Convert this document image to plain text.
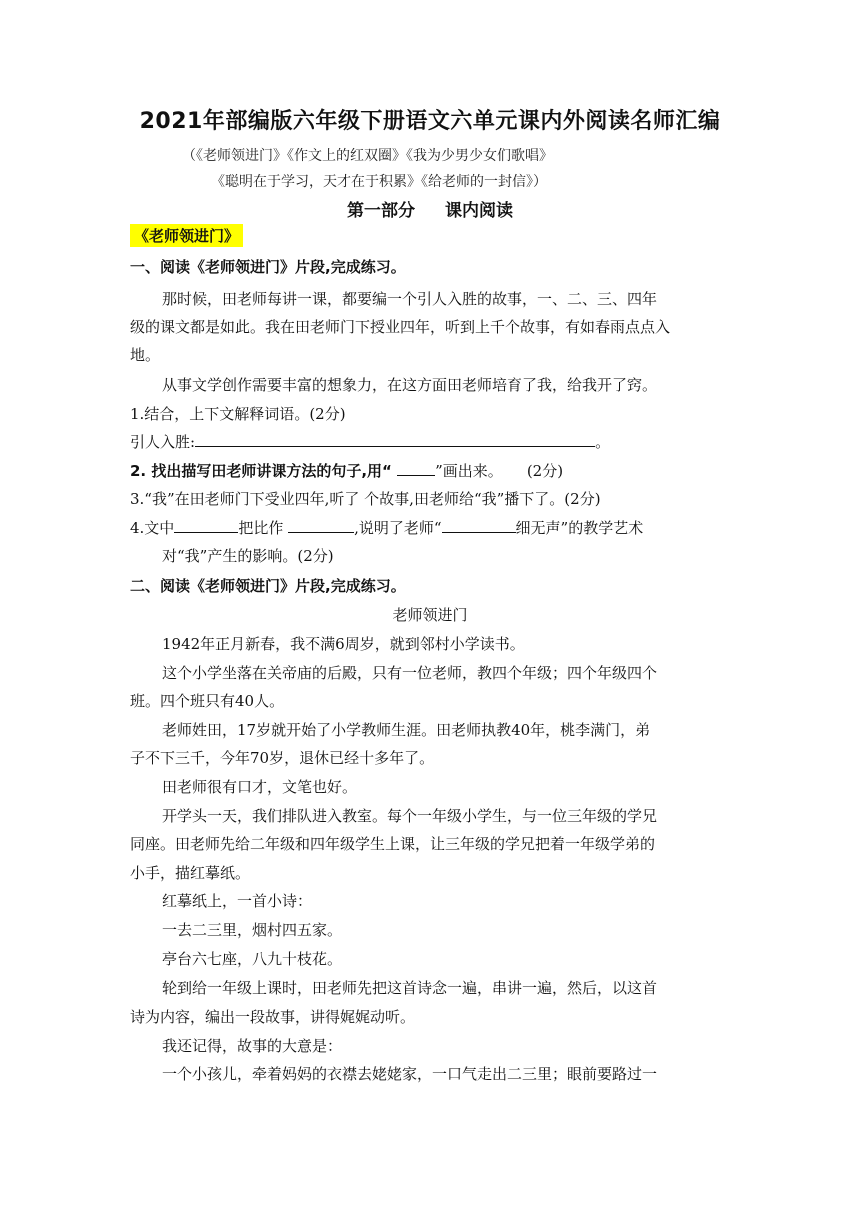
2021年部编版六年级下册语文六单元课内外阅读名师汇编
（《老师领进门》《作文上的红双圈》《我为少男少女们歌唱》
《聪明在于学习，天才在于积累》《给老师的一封信》）
第一部分 课内阅读
《老师领进门》
一、阅读《老师领进门》片段,完成练习。
那时候，田老师每讲一课，都要编一个引人入胜的故事，一、二、三、四年
级的课文都是如此。我在田老师门下授业四年，听到上千个故事，有如春雨点点入
地。
从事文学创作需要丰富的想象力，在这方面田老师培育了我，给我开了窍。
1.结合，上下文解释词语。(2分)
引人入胜:	。
2. 找出描写田老师讲课方法的句子,用“	”画出来。 (2分)
3.“我”在田老师门下受业四年,听了 个故事,田老师给“我”播下了。(2分)
4.文中	把比作	,说明了老师“	细无声”的教学艺术
对“我”产生的影响。(2分)
二、阅读《老师领进门》片段,完成练习。
老师领进门
1942年正月新春，我不满6周岁，就到邻村小学读书。
这个小学坐落在关帝庙的后殿，只有一位老师，教四个年级；四个年级四个
班。四个班只有40人。
老师姓田，17岁就开始了小学教师生涯。田老师执教40年，桃李满门，弟
子不下三千，今年70岁，退休已经十多年了。
田老师很有口才，文笔也好。
开学头一天，我们排队进入教室。每个一年级小学生，与一位三年级的学兄
同座。田老师先给二年级和四年级学生上课，让三年级的学兄把着一年级学弟的
小手，描红摹纸。
红摹纸上，一首小诗：
一去二三里，烟村四五家。
亭台六七座，八九十枝花。
轮到给一年级上课时，田老师先把这首诗念一遍，串讲一遍，然后，以这首
诗为内容，编出一段故事，讲得娓娓动听。
我还记得，故事的大意是：
一个小孩儿，牵着妈妈的衣襟去姥姥家，一口气走出二三里；眼前要路过一
